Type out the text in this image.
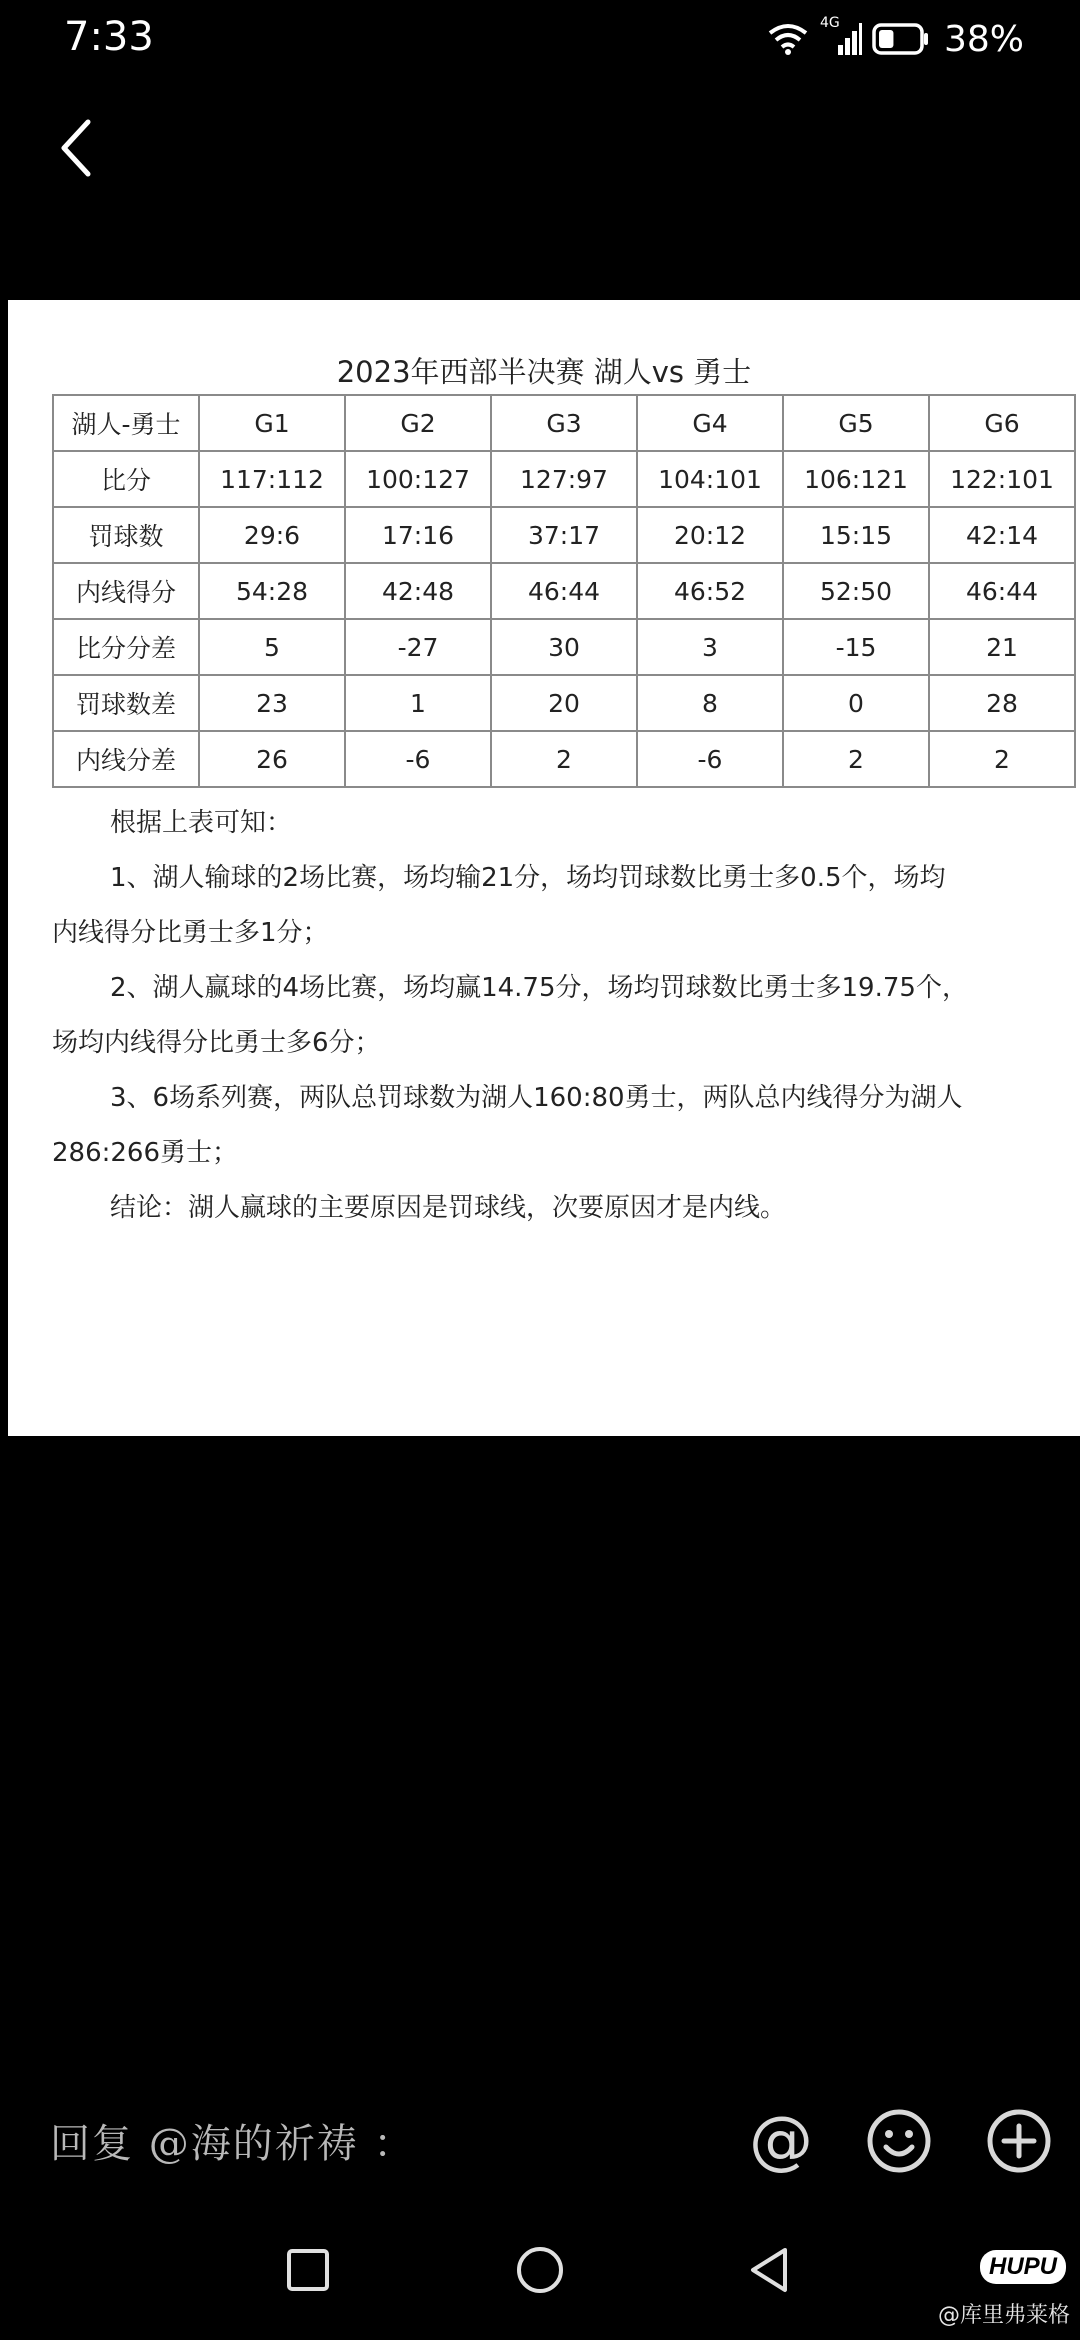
7:33	4G	38%
2023年西部半决赛 湖人vs 勇士
湖人-勇士	G1	G2	G3	G4	G5	G6
比分	117:112	100:127	127:97	104:101	106:121	122:101
罚球数	29:6	17:16	37:17	20:12	15:15	42:14
内线得分	54:28	42:48	46:44	46:52	52:50	46:44
比分分差	5	-27	30	3	-15	21
罚球数差	23	1	20	8	0	28
内线分差	26	-6	2	-6	2	2

根据上表可知：

1、湖人输球的2场比赛，场均输21分，场均罚球数比勇士多0.5个，场均

内线得分比勇士多1分；

2、湖人赢球的4场比赛，场均赢14.75分，场均罚球数比勇士多19.75个，

场均内线得分比勇士多6分；

3、6场系列赛，两队总罚球数为湖人160:80勇士，两队总内线得分为湖人

286:266勇士；

结论：湖人赢球的主要原因是罚球线，次要原因才是内线。

回复 @海的祈祷 ：	@
HUPU
@库里弗莱格
